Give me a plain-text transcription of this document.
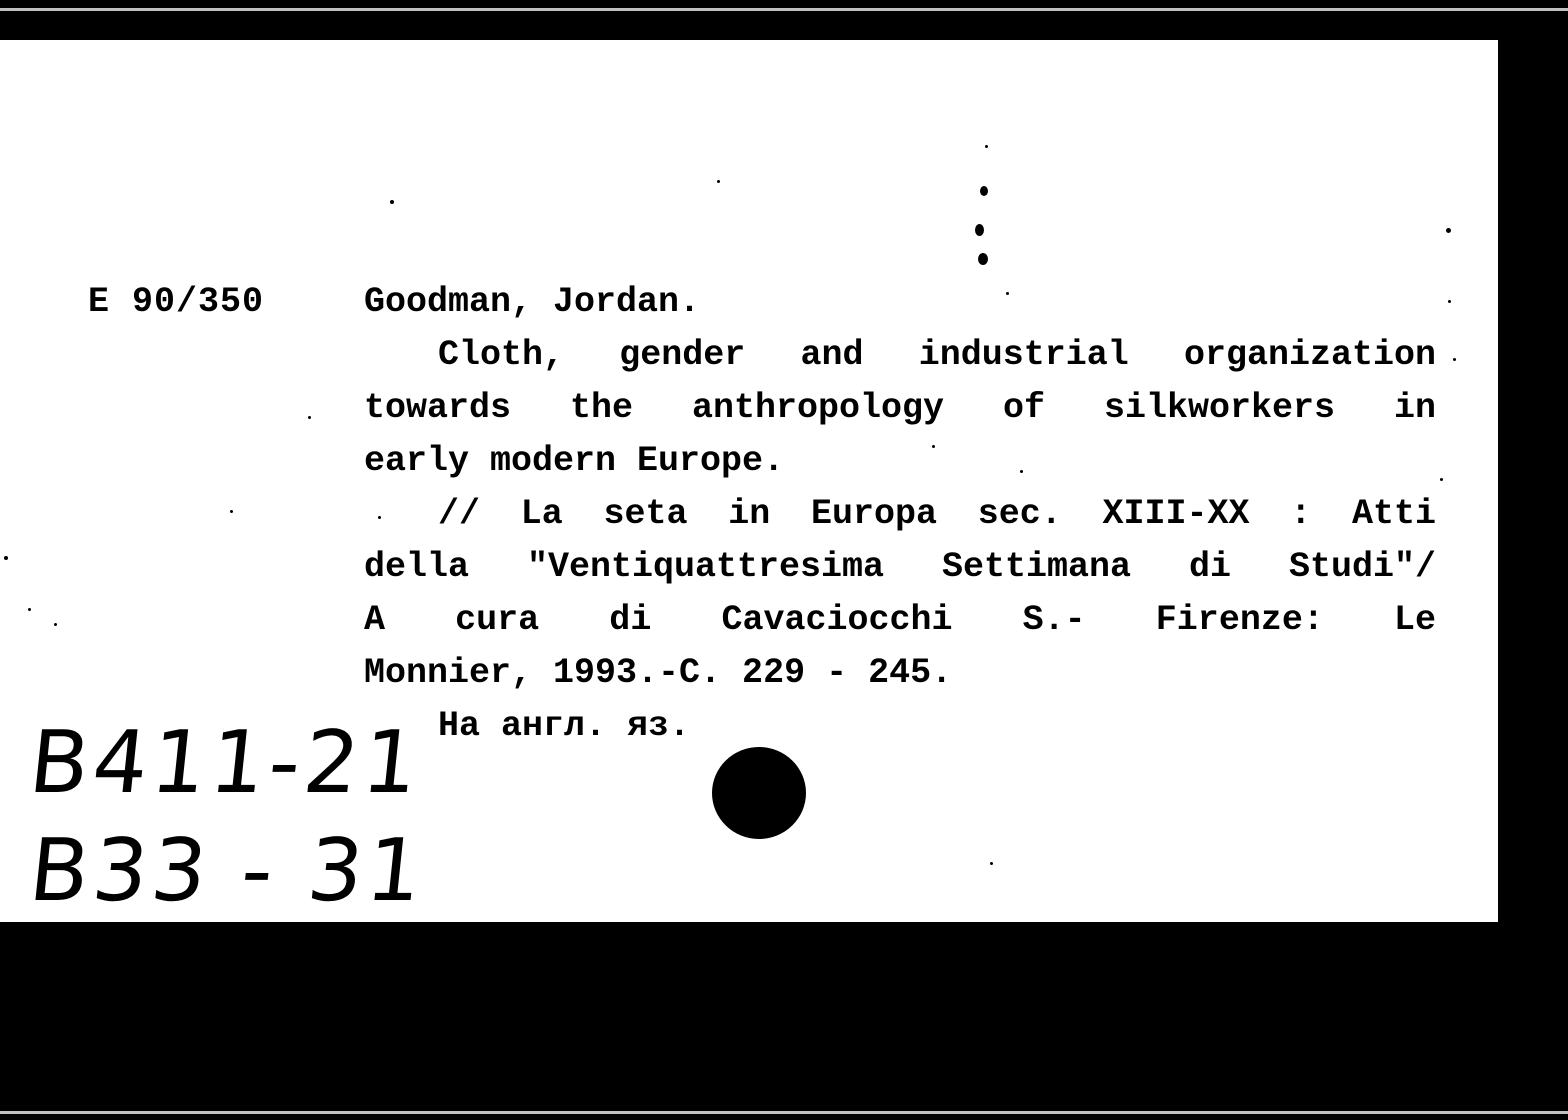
E 90/350	Goodman, Jordan.
Cloth, gender and industrial organization
towards the anthropology of silkworkers in
early modern Europe.
// La seta in Europa sec. XIII-XX : Atti
della "Ventiquattresima Settimana di Studi"/
A cura di Cavaciocchi S.- Firenze: Le
Monnier, 1993.-C. 229 - 245.
На англ. яз.
B411-21
B33 - 31
